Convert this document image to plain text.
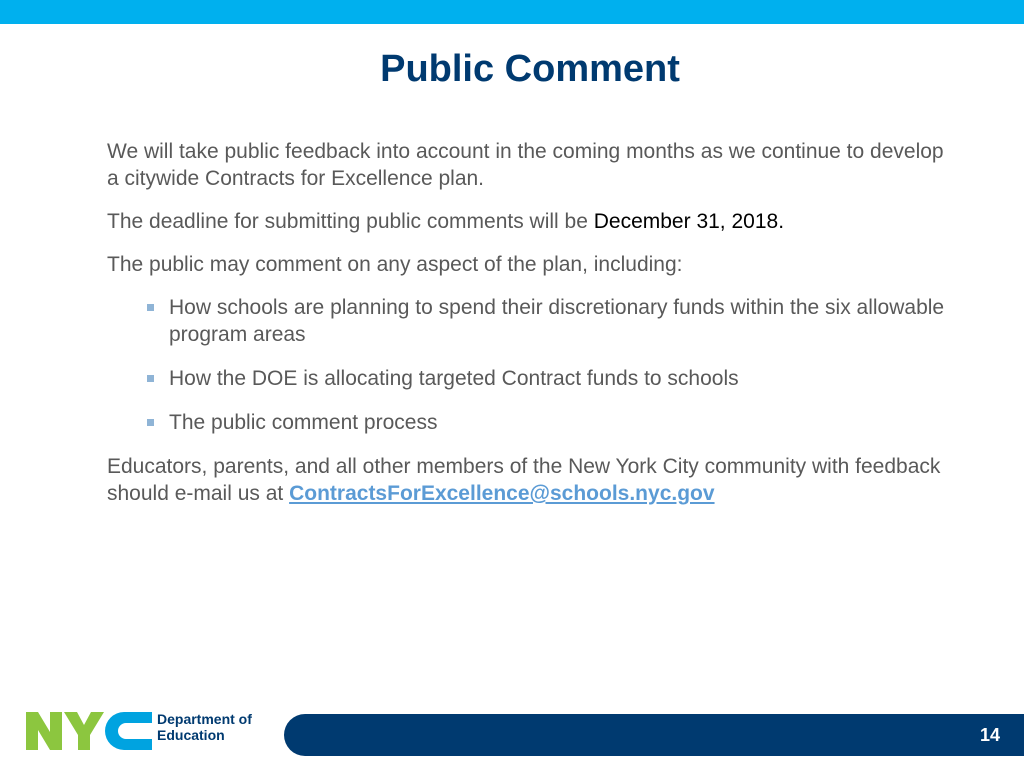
Public Comment

We will take public feedback into account in the coming months as we continue to develop a citywide Contracts for Excellence plan.

The deadline for submitting public comments will be December 31, 2018.

The public may comment on any aspect of the plan, including:

How schools are planning to spend their discretionary funds within the six allowable program areas
How the DOE is allocating targeted Contract funds to schools
The public comment process

Educators, parents, and all other members of the New York City community with feedback should e-mail us at ContractsForExcellence@schools.nyc.gov

Department of
Education	14
